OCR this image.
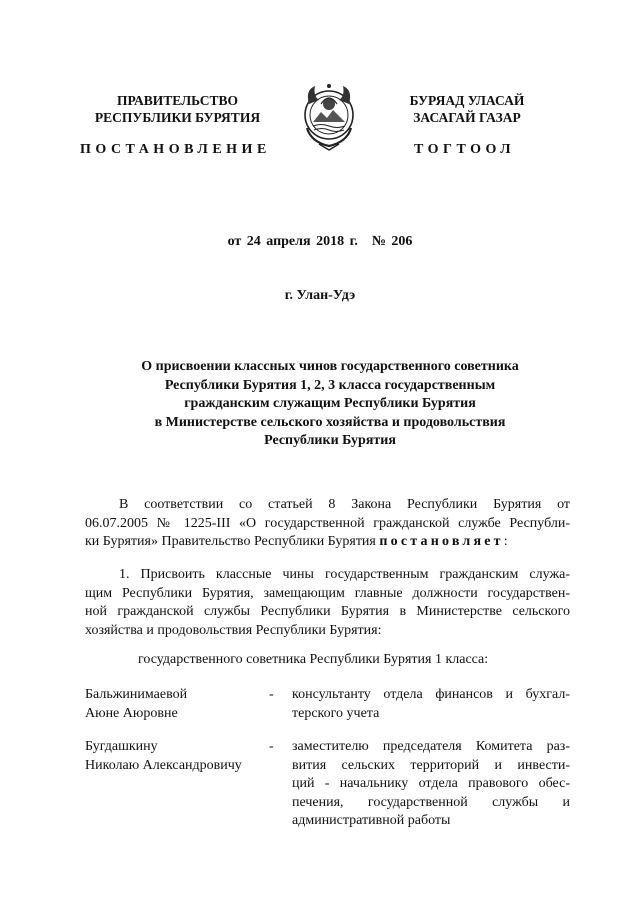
ПРАВИТЕЛЬСТВО
РЕСПУБЛИКИ БУРЯТИЯ
БУРЯАД УЛАСАЙ
ЗАСАГАЙ ГАЗАР
ПОСТАНОВЛЕНИЕ	ТОГТООЛ
от 24 апреля 2018 г. № 206
г. Улан-Удэ
О присвоении классных чинов государственного советника
Республики Бурятия 1, 2, 3 класса государственным
гражданским служащим Республики Бурятия
в Министерстве сельского хозяйства и продовольствия
Республики Бурятия
В соответствии со статьей 8 Закона Республики Бурятия от
06.07.2005 № 1225-III «О государственной гражданской службе Республи-
ки Бурятия» Правительство Республики Бурятия постановляет:
1. Присвоить классные чины государственным гражданским служа-
щим Республики Бурятия, замещающим главные должности государствен-
ной гражданской службы Республики Бурятия в Министерстве сельского
хозяйства и продовольствия Республики Бурятия:
государственного советника Республики Бурятия 1 класса:
Бальжинимаевой
Аюне Аюровне
- консультанту отдела финансов и бухгал-
терского учета
Бугдашкину
Николаю Александровичу
- заместителю председателя Комитета раз-
вития сельских территорий и инвести-
ций - начальнику отдела правового обес-
печения, государственной службы и
административной работы
